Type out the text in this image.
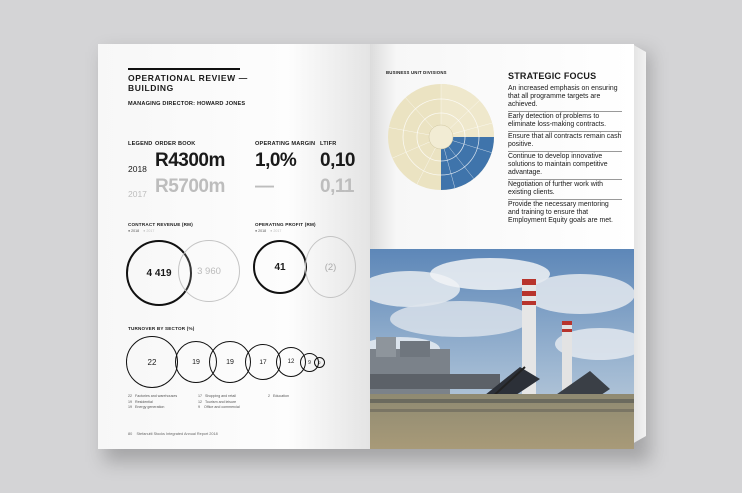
OPERATIONAL REVIEW —
BUILDING
MANAGING DIRECTOR: HOWARD JONES
LEGEND ORDER BOOK	OPERATING MARGIN LTIFR
2018 R4300m 1,0% 0,10
2017 R5700m — 0,11
CONTRACT REVENUE (RM)
● 2018 ● 2017
4 419	3 960
OPERATING PROFIT (RM)
● 2018 ● 2017
41	(2)
TURNOVER BY SECTOR (%)
22	19	19	17	12	9 2
22 Factories and warehouses
19 Residential
19 Energy generation
17 Shopping and retail
12 Tourism and leisure
9 Office and commercial
2 Education
80 Stefanutti Stocks Integrated Annual Report 2018
BUSINESS UNIT DIVISIONS	STRATEGIC FOCUS
An increased emphasis on ensuring that all programme targets are achieved.
Early detection of problems to eliminate loss-making contracts.
Ensure that all contracts remain cash positive.
Continue to develop innovative solutions to maintain competitive advantage.
Negotiation of further work with existing clients.
Provide the necessary mentoring and training to ensure that Employment Equity goals are met.
